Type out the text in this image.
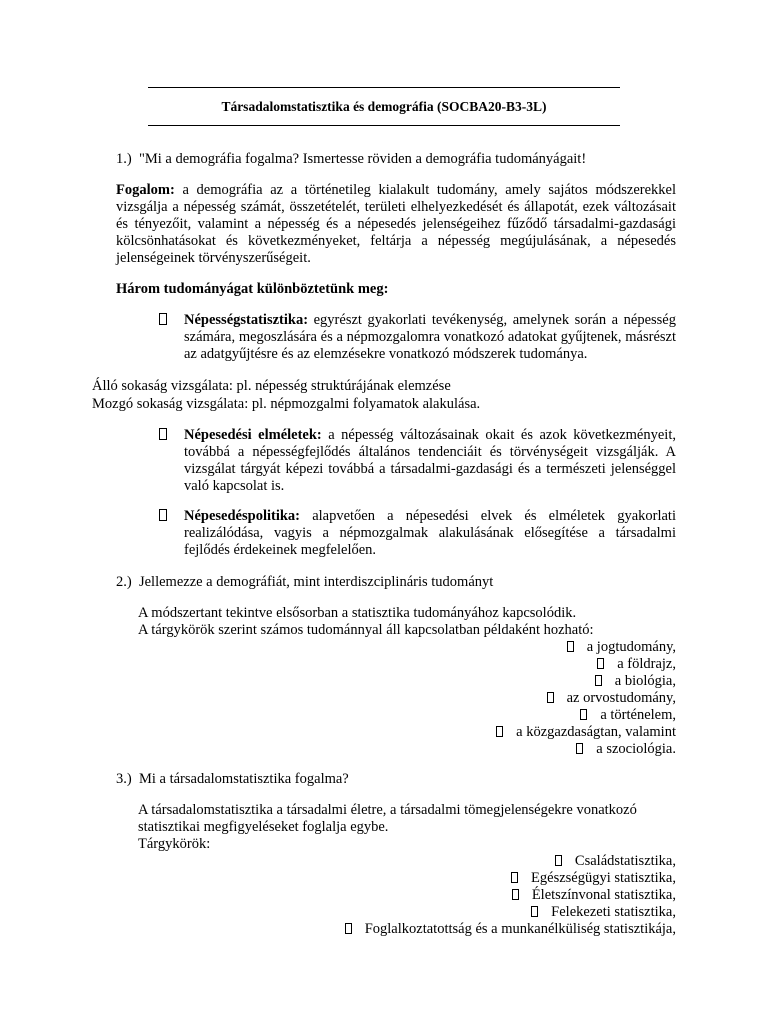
Társadalomstatisztika és demográfia (SOCBA20-B3-3L)
1.) "Mi a demográfia fogalma? Ismertesse röviden a demográfia tudományágait!
Fogalom: a demográfia az a történetileg kialakult tudomány, amely sajátos módszerekkel vizsgálja a népesség számát, összetételét, területi elhelyezkedését és állapotát, ezek változásait és tényezőit, valamint a népesség és a népesedés jelenségeihez fűződő társadalmi-gazdasági kölcsönhatásokat és következményeket, feltárja a népesség megújulásának, a népesedés jelenségeinek törvényszerűségeit.
Három tudományágat különböztetünk meg:
Népességstatisztika: egyrészt gyakorlati tevékenység, amelynek során a népesség számára, megoszlására és a népmozgalomra vonatkozó adatokat gyűjtenek, másrészt az adatgyűjtésre és az elemzésekre vonatkozó módszerek tudománya.
Álló sokaság vizsgálata: pl. népesség struktúrájának elemzése
Mozgó sokaság vizsgálata: pl. népmozgalmi folyamatok alakulása.
Népesedési elméletek: a népesség változásainak okait és azok következményeit, továbbá a népességfejlődés általános tendenciáit és törvénységeit vizsgálják. A vizsgálat tárgyát képezi továbbá a társadalmi-gazdasági és a természeti jelenséggel való kapcsolat is.
Népesedéspolitika: alapvetően a népesedési elvek és elméletek gyakorlati realizálódása, vagyis a népmozgalmak alakulásának elősegítése a társadalmi fejlődés érdekeinek megfelelően.
2.) Jellemezze a demográfiát, mint interdiszciplináris tudományt
A módszertant tekintve elsősorban a statisztika tudományához kapcsolódik.
A tárgykörök szerint számos tudománnyal áll kapcsolatban példaként hozható:
a jogtudomány,
a földrajz,
a biológia,
az orvostudomány,
a történelem,
a közgazdaságtan, valamint
a szociológia.
3.) Mi a társadalomstatisztika fogalma?
A társadalomstatisztika a társadalmi életre, a társadalmi tömegjelenségekre vonatkozó statisztikai megfigyeléseket foglalja egybe.
Tárgykörök:
Családstatisztika,
Egészségügyi statisztika,
Életszínvonal statisztika,
Felekezeti statisztika,
Foglalkoztatottság és a munkanélküliség statisztikája,
